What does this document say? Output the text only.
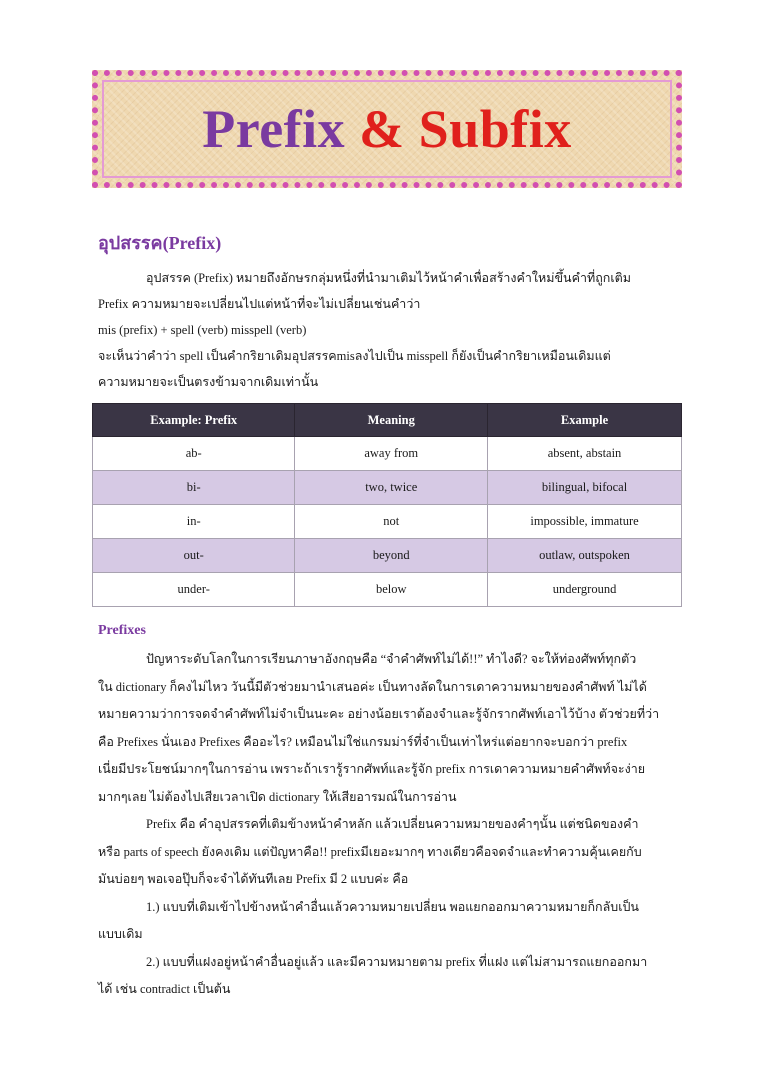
Prefix & Subfix
อุปสรรค(Prefix)

อุปสรรค (Prefix) หมายถึงอักษรกลุ่มหนึ่งที่นำมาเติมไว้หน้าคำเพื่อสร้างคำใหม่ขึ้นคำที่ถูกเติม

Prefix ความหมายจะเปลี่ยนไปแต่หน้าที่จะไม่เปลี่ยนเช่นคำว่า

mis (prefix) + spell (verb) misspell (verb)

จะเห็นว่าคำว่า spell เป็นคำกริยาเดิมอุปสรรคmisลงไปเป็น misspell ก็ยังเป็นคำกริยาเหมือนเดิมแต่

ความหมายจะเป็นตรงข้ามจากเดิมเท่านั้น

Example: Prefix	Meaning	Example
ab-	away from	absent, abstain
bi-	two, twice	bilingual, bifocal
in-	not	impossible, immature
out-	beyond	outlaw, outspoken
under-	below	underground
Prefixes

ปัญหาระดับโลกในการเรียนภาษาอังกฤษคือ “จำคำศัพท์ไม่ได้!!” ทำไงดี? จะให้ท่องศัพท์ทุกตัว

ใน dictionary ก็คงไม่ไหว วันนี้มีตัวช่วยมานำเสนอค่ะ เป็นทางลัดในการเดาความหมายของคำศัพท์ ไม่ได้

หมายความว่าการจดจำคำศัพท์ไม่จำเป็นนะคะ อย่างน้อยเราต้องจำและรู้จักรากศัพท์เอาไว้บ้าง ตัวช่วยที่ว่า

คือ Prefixes นั่นเอง Prefixes คืออะไร? เหมือนไม่ใช่แกรมม่าร์ที่จำเป็นเท่าไหร่แต่อยากจะบอกว่า prefix

เนี่ยมีประโยชน์มากๆในการอ่าน เพราะถ้าเรารู้รากศัพท์และรู้จัก prefix การเดาความหมายคำศัพท์จะง่าย

มากๆเลย ไม่ต้องไปเสียเวลาเปิด dictionary ให้เสียอารมณ์ในการอ่าน

Prefix คือ คำอุปสรรคที่เติมข้างหน้าคำหลัก แล้วเปลี่ยนความหมายของคำๆนั้น แต่ชนิดของคำ

หรือ parts of speech ยังคงเดิม แต่ปัญหาคือ!! prefixมีเยอะมากๆ ทางเดียวคือจดจำและทำความคุ้นเคยกับ

มันบ่อยๆ พอเจอปุ๊บก็จะจำได้ทันทีเลย Prefix มี 2 แบบค่ะ คือ

1.) แบบที่เติมเข้าไปข้างหน้าคำอื่นแล้วความหมายเปลี่ยน พอแยกออกมาความหมายก็กลับเป็น

แบบเดิม

2.) แบบที่แฝงอยู่หน้าคำอื่นอยู่แล้ว และมีความหมายตาม prefix ที่แฝง แต่ไม่สามารถแยกออกมา

ได้ เช่น contradict เป็นต้น
